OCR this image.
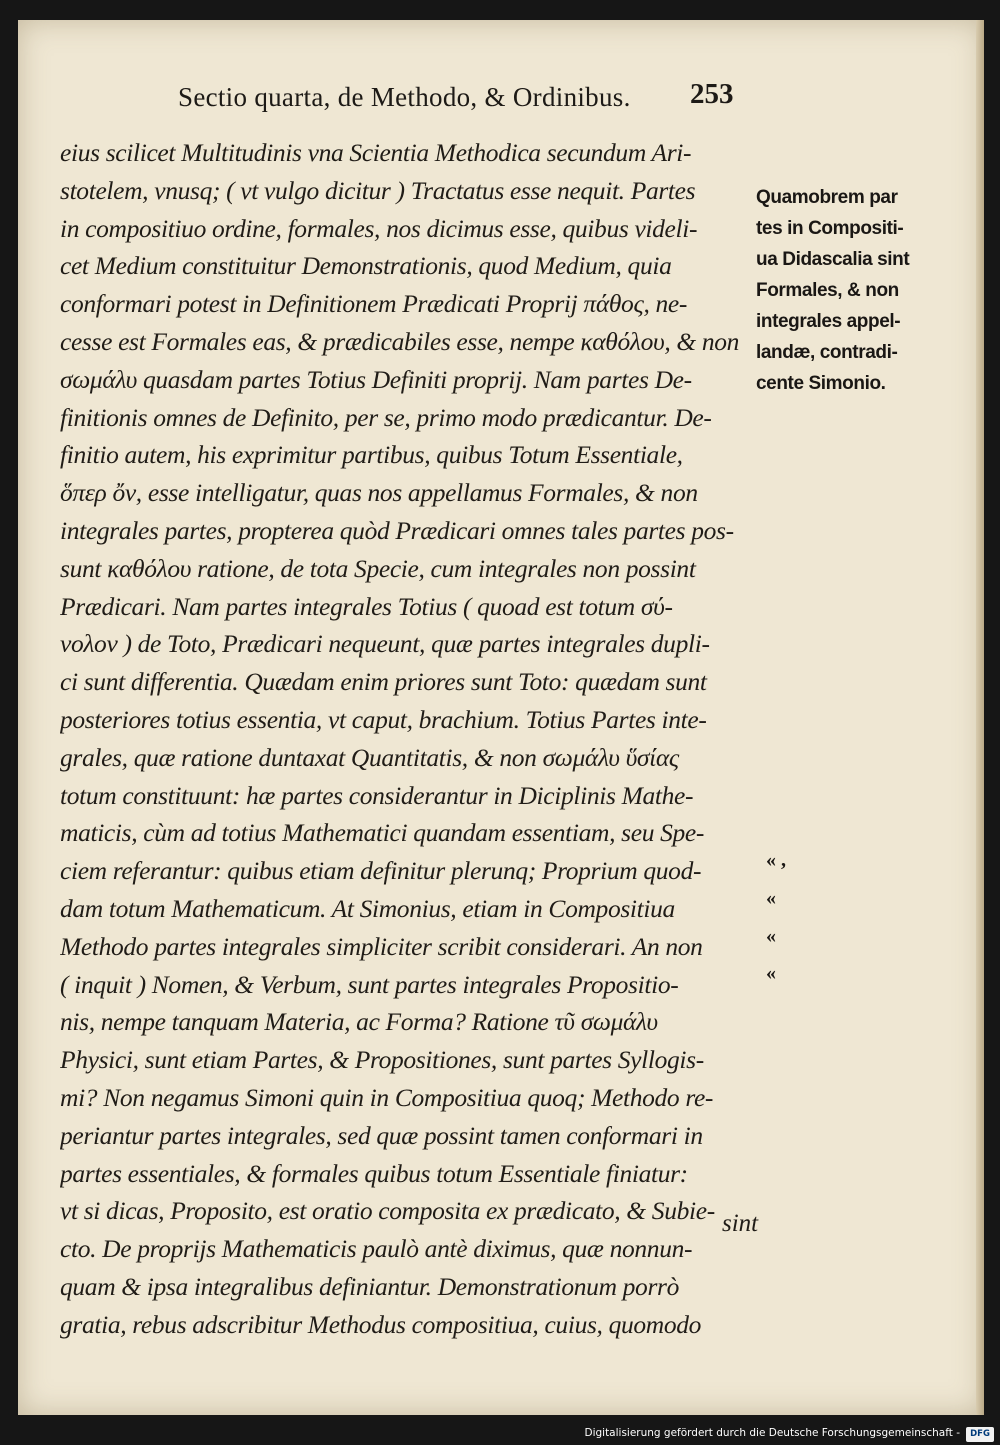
Sectio quarta, de Methodo, & Ordinibus. 253
eius scilicet Multitudinis vna Scientia Methodica secundum Ari-
stotelem, vnusq; ( vt vulgo dicitur ) Tractatus esse nequit. Partes
in compositiuo ordine, formales, nos dicimus esse, quibus videli-
cet Medium constituitur Demonstrationis, quod Medium, quia
conformari potest in Definitionem Prædicati Proprij πάθος, ne-
cesse est Formales eas, & prædicabiles esse, nempe καθόλου, & non
σωμάλυ quasdam partes Totius Definiti proprij. Nam partes De-
finitionis omnes de Definito, per se, primo modo prædicantur. De-
finitio autem, his exprimitur partibus, quibus Totum Essentiale,
ὅπερ ὄν, esse intelligatur, quas nos appellamus Formales, & non
integrales partes, propterea quòd Prædicari omnes tales partes pos-
sunt καθόλου ratione, de tota Specie, cum integrales non possint
Prædicari. Nam partes integrales Totius ( quoad est totum σύ-
νολον ) de Toto, Prædicari nequeunt, quæ partes integrales dupli-
ci sunt differentia. Quædam enim priores sunt Toto: quædam sunt
posteriores totius essentia, vt caput, brachium. Totius Partes inte-
grales, quæ ratione duntaxat Quantitatis, & non σωμάλυ ὕσίας
totum constituunt: hæ partes considerantur in Diciplinis Mathe-
maticis, cùm ad totius Mathematici quandam essentiam, seu Spe-
ciem referantur: quibus etiam definitur plerunq; Proprium quod-
dam totum Mathematicum. At Simonius, etiam in Compositiua
Methodo partes integrales simpliciter scribit considerari. An non
( inquit ) Nomen, & Verbum, sunt partes integrales Propositio-
nis, nempe tanquam Materia, ac Forma? Ratione τῦ σωμάλυ
Physici, sunt etiam Partes, & Propositiones, sunt partes Syllogis-
mi? Non negamus Simoni quin in Compositiua quoq; Methodo re-
periantur partes integrales, sed quæ possint tamen conformari in
partes essentiales, & formales quibus totum Essentiale finiatur:
vt si dicas, Proposito, est oratio composita ex prædicato, & Subie-
cto. De proprijs Mathematicis paulò antè diximus, quæ nonnun-
quam & ipsa integralibus definiantur. Demonstrationum porrò
gratia, rebus adscribitur Methodus compositiua, cuius, quomodo
sint
Quamobrem par
tes in Compositi-
ua Didascalia sint
Formales, & non
integrales appel-
landæ, contradi-
cente Simonio.
« ,
«
«
«
Digitalisierung gefördert durch die Deutsche Forschungsgemeinschaft -	DFG
